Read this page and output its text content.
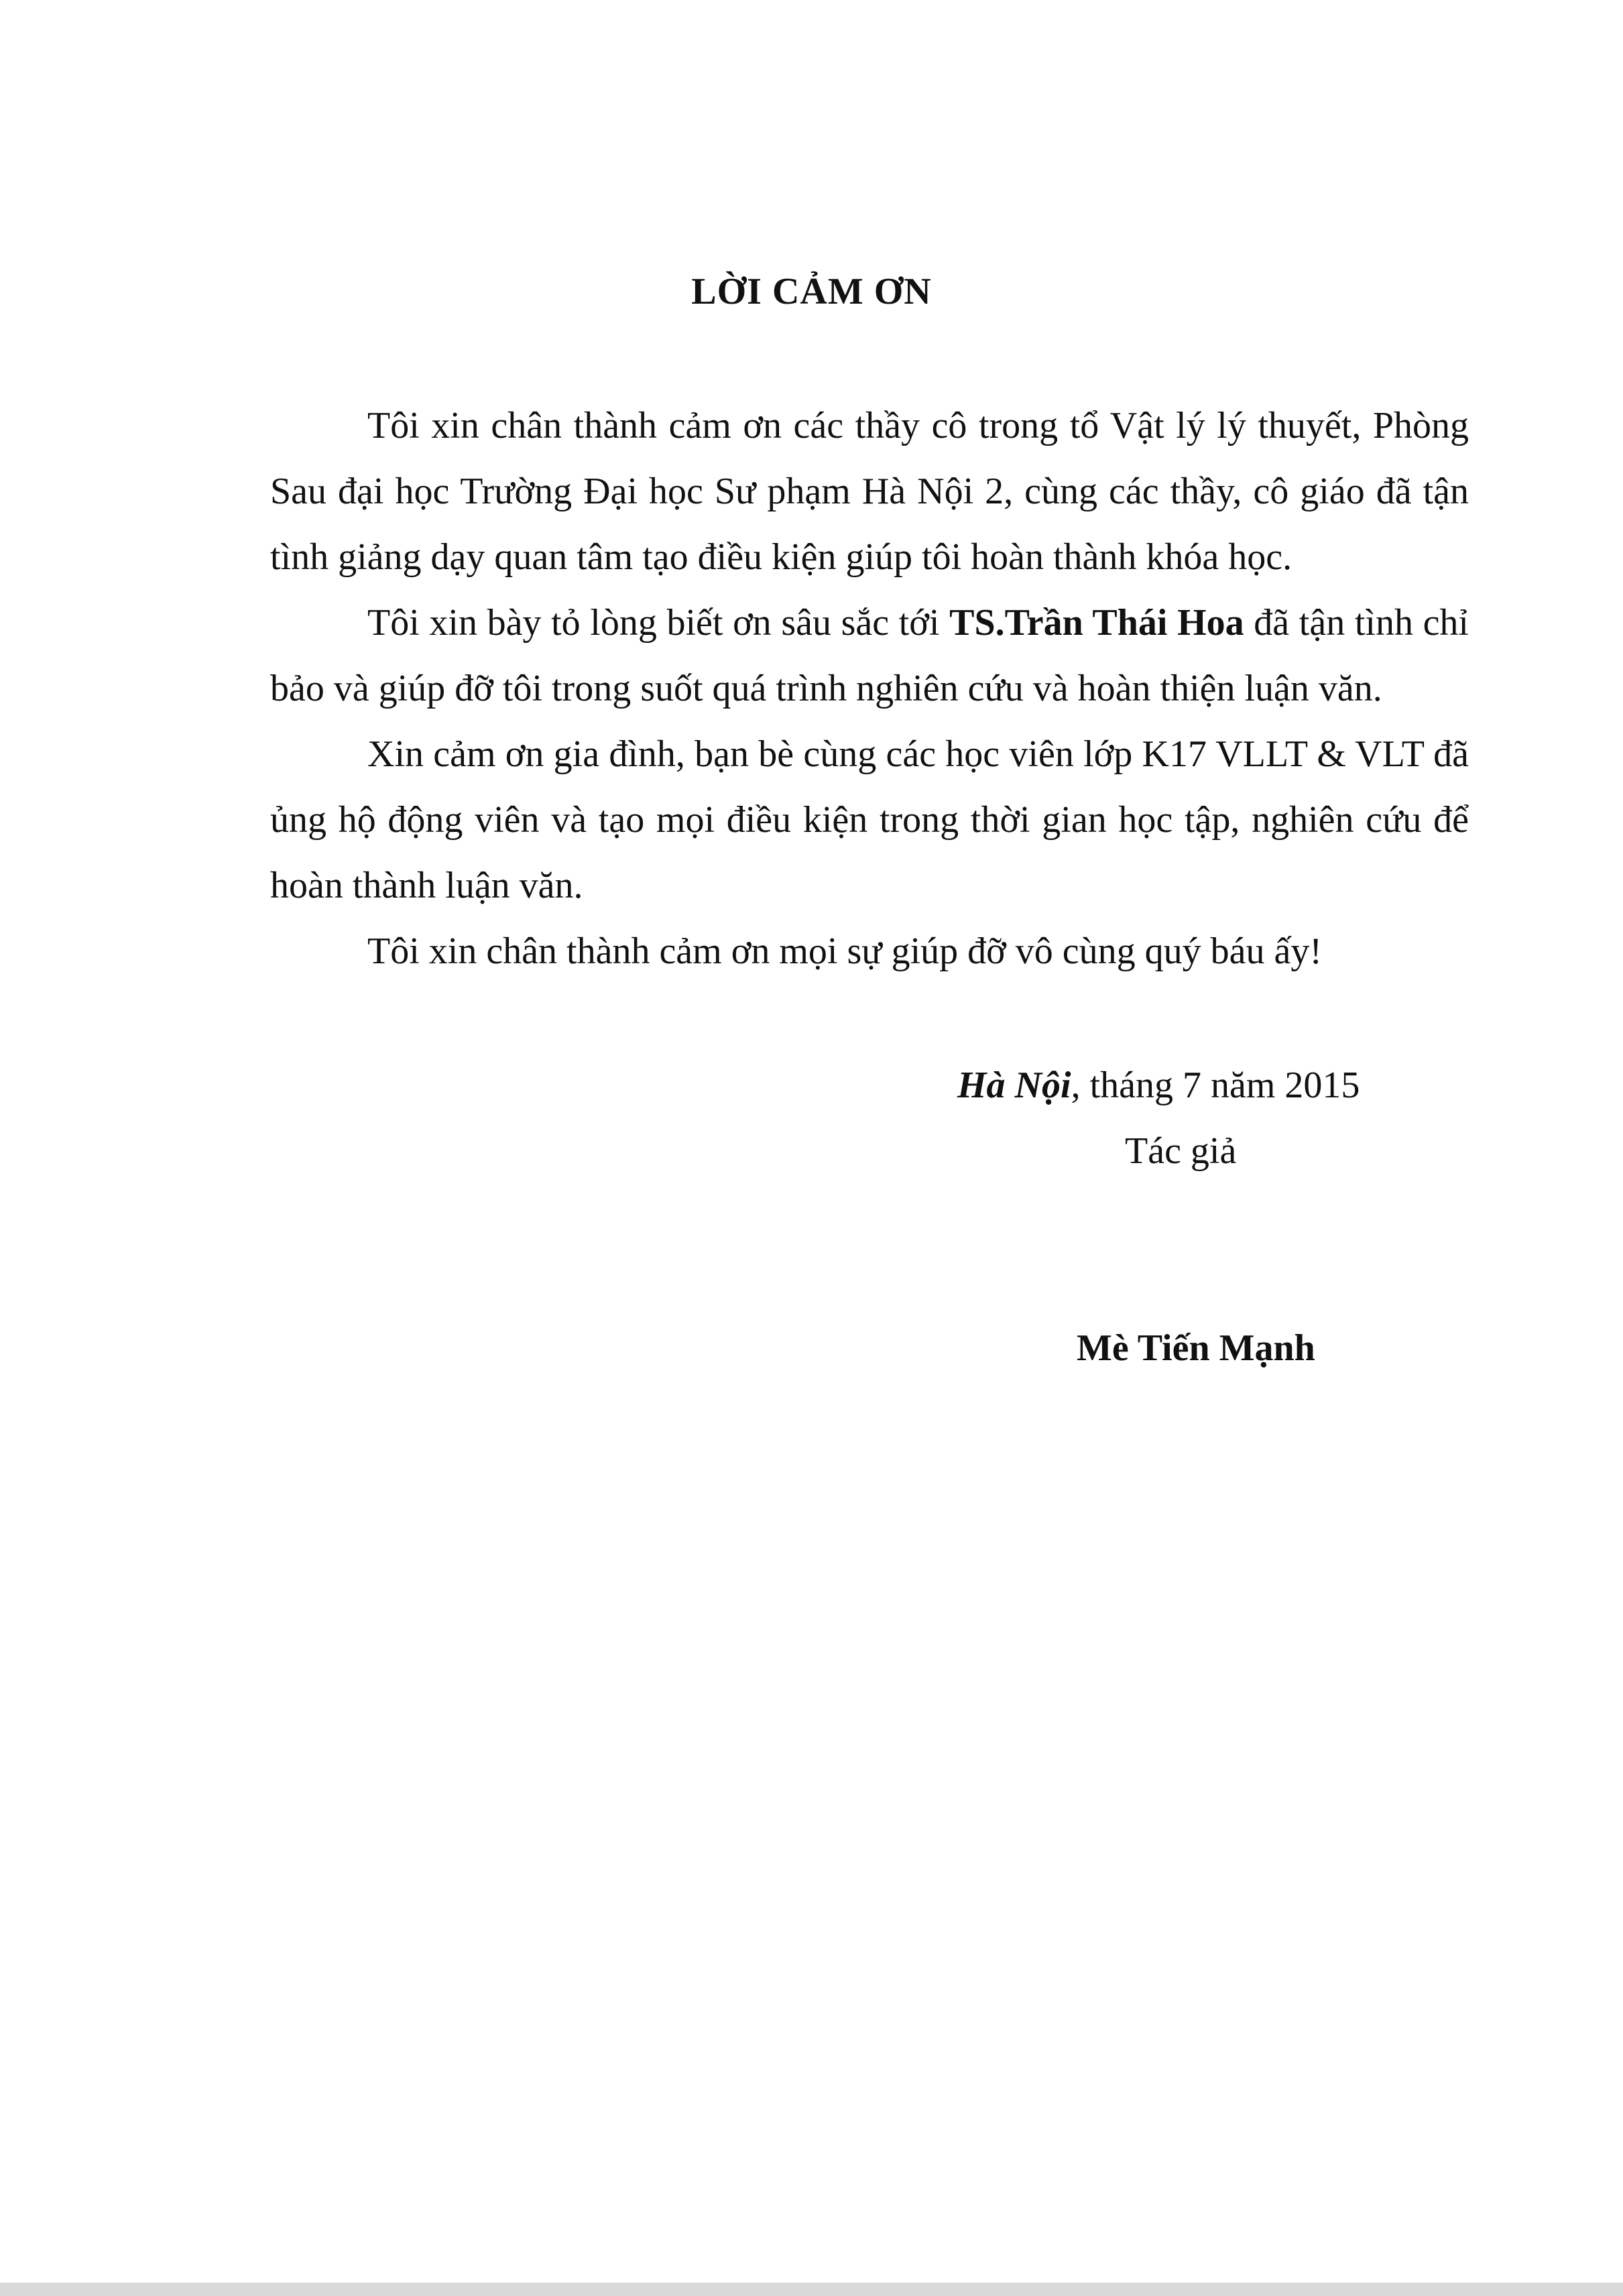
LỜI CẢM ƠN

Tôi xin chân thành cảm ơn các thầy cô trong tổ Vật lý lý thuyết, Phòng Sau đại học Trường Đại học Sư phạm Hà Nội 2, cùng các thầy, cô giáo đã tận tình giảng dạy quan tâm tạo điều kiện giúp tôi hoàn thành khóa học.

Tôi xin bày tỏ lòng biết ơn sâu sắc tới TS.Trần Thái Hoa đã tận tình chỉ bảo và giúp đỡ tôi trong suốt quá trình nghiên cứu và hoàn thiện luận văn.

Xin cảm ơn gia đình, bạn bè cùng các học viên lớp K17 VLLT & VLT đã ủng hộ động viên và tạo mọi điều kiện trong thời gian học tập, nghiên cứu để hoàn thành luận văn.

Tôi xin chân thành cảm ơn mọi sự giúp đỡ vô cùng quý báu ấy!

Hà Nội, tháng 7 năm 2015
Tác giả
Mè Tiến Mạnh
